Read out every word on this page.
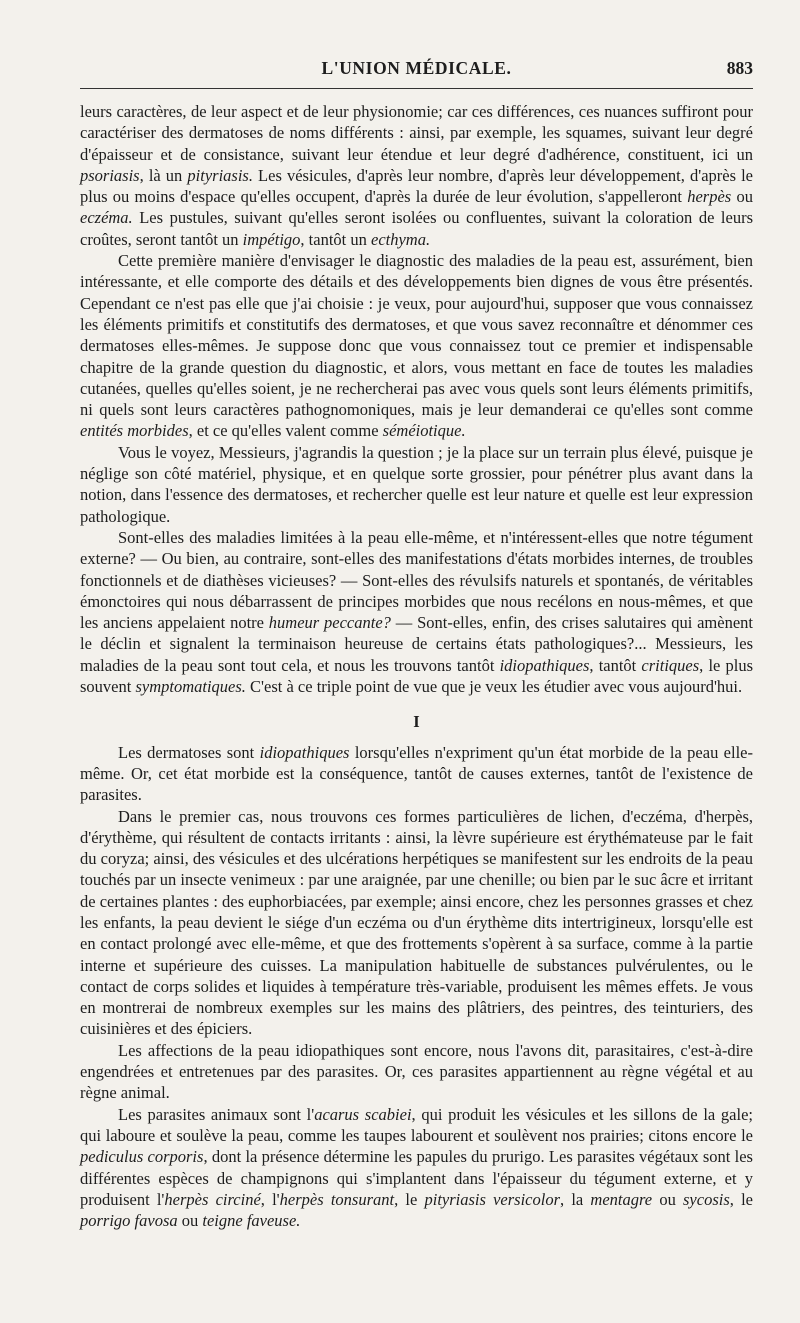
L'UNION MÉDICALE.	883

leurs caractères, de leur aspect et de leur physionomie; car ces différences, ces nuances suffiront pour caractériser des dermatoses de noms différents : ainsi, par exemple, les squames, suivant leur degré d'épaisseur et de consistance, suivant leur étendue et leur degré d'adhérence, constituent, ici un psoriasis, là un pityriasis. Les vésicules, d'après leur nombre, d'après leur développement, d'après le plus ou moins d'espace qu'elles occupent, d'après la durée de leur évolution, s'appelleront herpès ou eczéma. Les pustules, suivant qu'elles seront isolées ou confluentes, suivant la coloration de leurs croûtes, seront tantôt un impétigo, tantôt un ecthyma.

Cette première manière d'envisager le diagnostic des maladies de la peau est, assurément, bien intéressante, et elle comporte des détails et des développements bien dignes de vous être présentés. Cependant ce n'est pas elle que j'ai choisie : je veux, pour aujourd'hui, supposer que vous connaissez les éléments primitifs et constitutifs des dermatoses, et que vous savez reconnaître et dénommer ces dermatoses elles-mêmes. Je suppose donc que vous connaissez tout ce premier et indispensable chapitre de la grande question du diagnostic, et alors, vous mettant en face de toutes les maladies cutanées, quelles qu'elles soient, je ne rechercherai pas avec vous quels sont leurs éléments primitifs, ni quels sont leurs caractères pathognomoniques, mais je leur demanderai ce qu'elles sont comme entités morbides, et ce qu'elles valent comme séméiotique.

Vous le voyez, Messieurs, j'agrandis la question ; je la place sur un terrain plus élevé, puisque je néglige son côté matériel, physique, et en quelque sorte grossier, pour pénétrer plus avant dans la notion, dans l'essence des dermatoses, et rechercher quelle est leur nature et quelle est leur expression pathologique.

Sont-elles des maladies limitées à la peau elle-même, et n'intéressent-elles que notre tégument externe? — Ou bien, au contraire, sont-elles des manifestations d'états morbides internes, de troubles fonctionnels et de diathèses vicieuses? — Sont-elles des révulsifs naturels et spontanés, de véritables émonctoires qui nous débarrassent de principes morbides que nous recélons en nous-mêmes, et que les anciens appelaient notre humeur peccante? — Sont-elles, enfin, des crises salutaires qui amènent le déclin et signalent la terminaison heureuse de certains états pathologiques?... Messieurs, les maladies de la peau sont tout cela, et nous les trouvons tantôt idiopathiques, tantôt critiques, le plus souvent symptomatiques. C'est à ce triple point de vue que je veux les étudier avec vous aujourd'hui.

I

Les dermatoses sont idiopathiques lorsqu'elles n'expriment qu'un état morbide de la peau elle-même. Or, cet état morbide est la conséquence, tantôt de causes externes, tantôt de l'existence de parasites.

Dans le premier cas, nous trouvons ces formes particulières de lichen, d'eczéma, d'herpès, d'érythème, qui résultent de contacts irritants : ainsi, la lèvre supérieure est érythémateuse par le fait du coryza; ainsi, des vésicules et des ulcérations herpétiques se manifestent sur les endroits de la peau touchés par un insecte venimeux : par une araignée, par une chenille; ou bien par le suc âcre et irritant de certaines plantes : des euphorbiacées, par exemple; ainsi encore, chez les personnes grasses et chez les enfants, la peau devient le siége d'un eczéma ou d'un érythème dits intertrigineux, lorsqu'elle est en contact prolongé avec elle-même, et que des frottements s'opèrent à sa surface, comme à la partie interne et supérieure des cuisses. La manipulation habituelle de substances pulvérulentes, ou le contact de corps solides et liquides à température très-variable, produisent les mêmes effets. Je vous en montrerai de nombreux exemples sur les mains des plâtriers, des peintres, des teinturiers, des cuisinières et des épiciers.

Les affections de la peau idiopathiques sont encore, nous l'avons dit, parasitaires, c'est-à-dire engendrées et entretenues par des parasites. Or, ces parasites appartiennent au règne végétal et au règne animal.

Les parasites animaux sont l'acarus scabiei, qui produit les vésicules et les sillons de la gale; qui laboure et soulève la peau, comme les taupes labourent et soulèvent nos prairies; citons encore le pediculus corporis, dont la présence détermine les papules du prurigo. Les parasites végétaux sont les différentes espèces de champignons qui s'implantent dans l'épaisseur du tégument externe, et y produisent l'herpès circiné, l'herpès tonsurant, le pityriasis versicolor, la mentagre ou sycosis, le porrigo favosa ou teigne faveuse.
